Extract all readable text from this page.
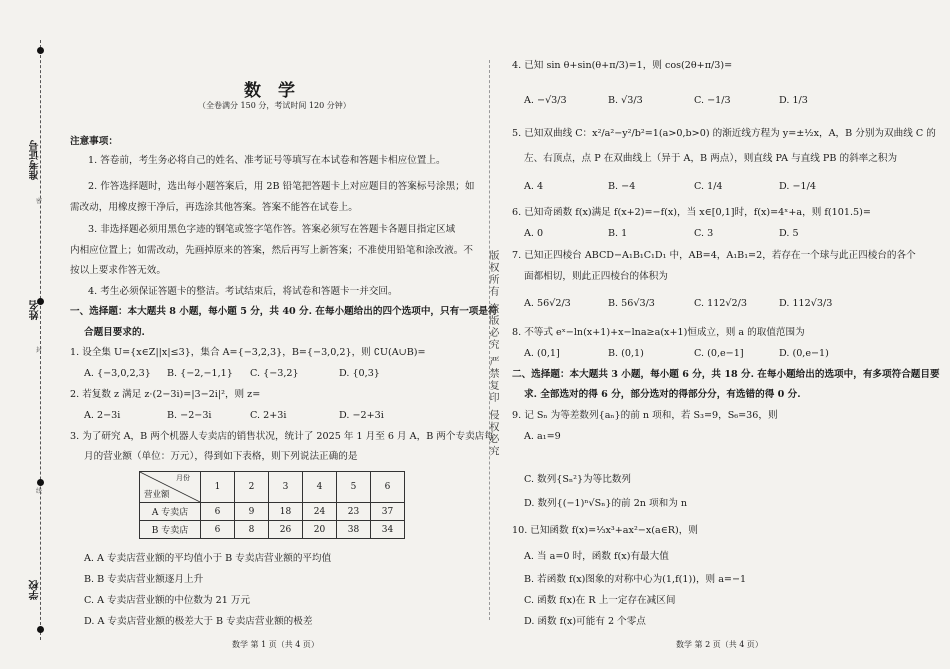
准考证号
姓名
学校
密
封
线
版权所有 盗版必究 严禁复印 侵权必究
数　学
（全卷满分 150 分，考试时间 120 分钟）
注意事项：
1. 答卷前，考生务必将自己的姓名、准考证号等填写在本试卷和答题卡相应位置上。
2. 作答选择题时，选出每小题答案后，用 2B 铅笔把答题卡上对应题目的答案标号涂黑；如
需改动，用橡皮擦干净后，再选涂其他答案。答案不能答在试卷上。
3. 非选择题必须用黑色字迹的钢笔或签字笔作答。答案必须写在答题卡各题目指定区域
内相应位置上；如需改动，先画掉原来的答案，然后再写上新答案；不准使用铅笔和涂改液。不
按以上要求作答无效。
4. 考生必须保证答题卡的整洁。考试结束后，将试卷和答题卡一并交回。
一、选择题：本大题共 8 小题，每小题 5 分，共 40 分. 在每小题给出的四个选项中，只有一项是符
合题目要求的.
1. 设全集 U={x∈Z||x|≤3}，集合 A={−3,2,3}，B={−3,0,2}，则 ∁U(A∪B)=
A. {−3,0,2,3} B. {−2,−1,1} C. {−3,2}	D. {0,3}
2. 若复数 z 满足 z·(2−3i)=|3−2i|²，则 z=
A. 2−3i	B. −2−3i	C. 2+3i	D. −2+3i
3. 为了研究 A，B 两个机器人专卖店的销售状况，统计了 2025 年 1 月至 6 月 A，B 两个专卖店每
月的营业额（单位：万元），得到如下表格，则下列说法正确的是
月份
营业额	1	2	3	4	5	6
A 专卖店	6	9	18	24	23	37
B 专卖店	6	8	26	20	38	34
A. A 专卖店营业额的平均值小于 B 专卖店营业额的平均值
B. B 专卖店营业额逐月上升
C. A 专卖店营业额的中位数为 21 万元
D. A 专卖店营业额的极差大于 B 专卖店营业额的极差
数学 第 1 页（共 4 页）
4. 已知 sin θ+sin(θ+π/3)=1，则 cos(2θ+π/3)=
A. −√3/3	B. √3/3	C. −1/3	D. 1/3
5. 已知双曲线 C：x²/a²−y²/b²=1(a>0,b>0) 的渐近线方程为 y=±½x，A，B 分别为双曲线 C 的
左、右顶点，点 P 在双曲线上（异于 A，B 两点），则直线 PA 与直线 PB 的斜率之积为
A. 4	B. −4	C. 1/4	D. −1/4
6. 已知奇函数 f(x)满足 f(x+2)=−f(x)，当 x∈[0,1]时，f(x)=4ˣ+a，则 f(101.5)=
A. 0	B. 1	C. 3	D. 5
7. 已知正四棱台 ABCD−A₁B₁C₁D₁ 中，AB=4，A₁B₁=2，若存在一个球与此正四棱台的各个
面都相切，则此正四棱台的体积为
A. 56√2/3	B. 56√3/3	C. 112√2/3	D. 112√3/3
8. 不等式 eˣ−ln(x+1)+x−lna≥a(x+1)恒成立，则 a 的取值范围为
A. (0,1]	B. (0,1)	C. (0,e−1]	D. (0,e−1)
二、选择题：本大题共 3 小题，每小题 6 分，共 18 分. 在每小题给出的选项中，有多项符合题目要
求. 全部选对的得 6 分，部分选对的得部分分，有选错的得 0 分.
9. 记 Sₙ 为等差数列{aₙ}的前 n 项和，若 S₃=9，S₆=36，则
A. a₁=9
C. 数列{Sₙ²}为等比数列
D. 数列{(−1)ⁿ√Sₙ}的前 2n 项和为 n
10. 已知函数 f(x)=⅓x³+ax²−x(a∈R)，则
A. 当 a=0 时，函数 f(x)有最大值
B. 若函数 f(x)图象的对称中心为(1,f(1))，则 a=−1
C. 函数 f(x)在 R 上一定存在减区间
D. 函数 f(x)可能有 2 个零点
数学 第 2 页（共 4 页）
